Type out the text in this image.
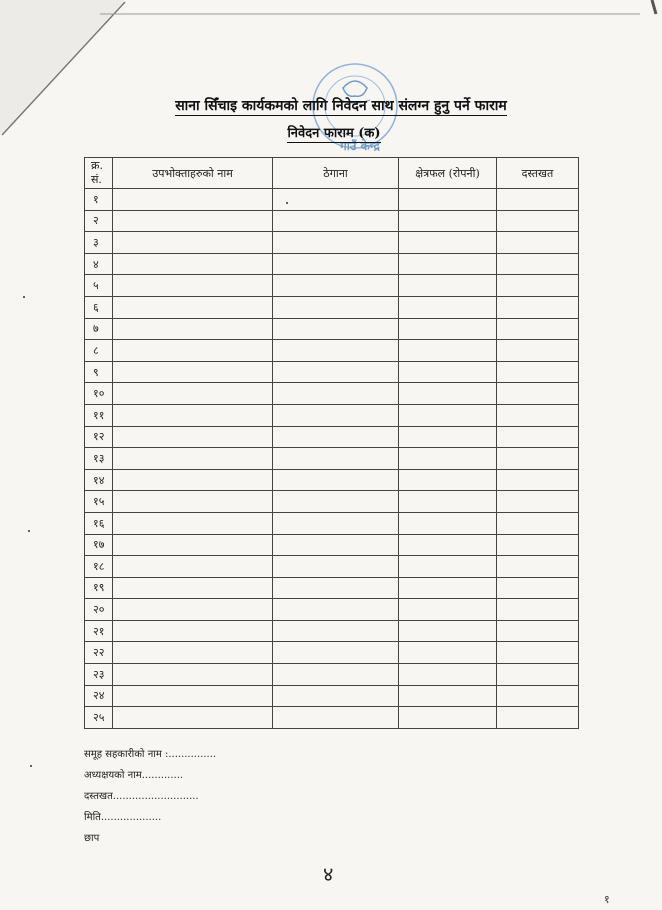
गाउँ केन्द्र
साना सिँचाइ कार्यकमको लागि निवेदन साथ संलग्न हुनु पर्ने फाराम
निवेदन फाराम (क)
क्र. सं.	उपभोक्ताहरुको नाम	ठेगाना	क्षेत्रफल (रोपनी)	दस्तखत
१				
२				
३				
४				
५				
६				
७				
८				
९				
१०				
११				
१२				
१३				
१४				
१५				
१६				
१७				
१८				
१९				
२०				
२१				
२२				
२३				
२४				
२५				
समूह सहकारीको नाम :...............
अध्यक्षयको नाम.............
दस्तखत...........................
मिति...................
छाप
४
१
